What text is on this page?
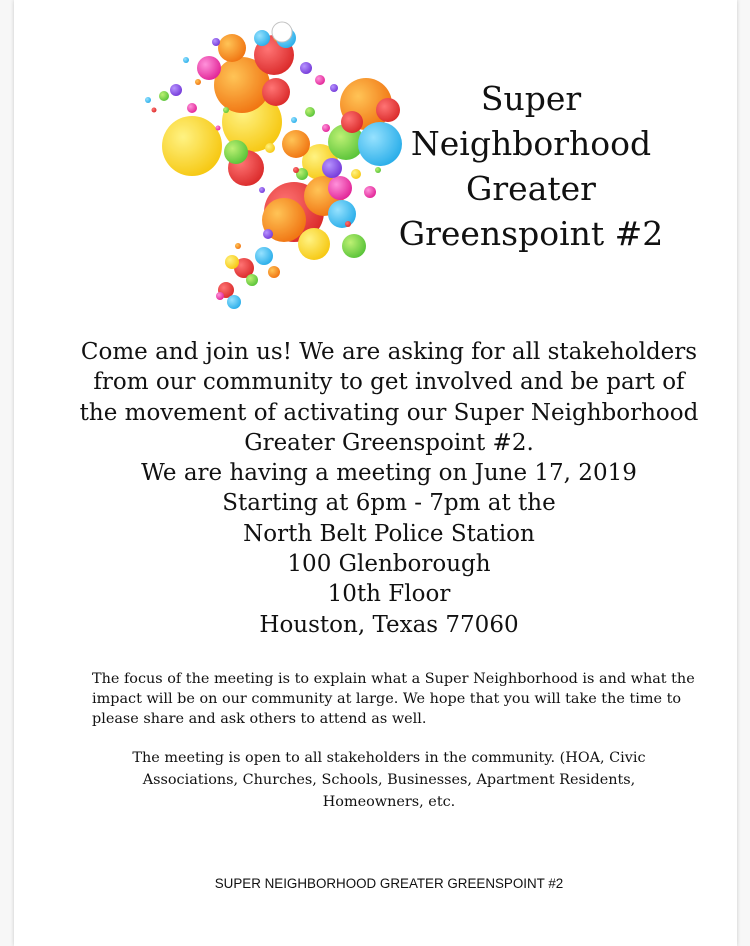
Super
Neighborhood
Greater
Greenspoint #2
Come and join us! We are asking for all stakeholders
from our community to get involved and be part of
the movement of activating our Super Neighborhood
Greater Greenspoint #2.
We are having a meeting on June 17, 2019
Starting at 6pm - 7pm at the
North Belt Police Station
100 Glenborough
10th Floor
Houston, Texas 77060
The focus of the meeting is to explain what a Super Neighborhood is and what the
impact will be on our community at large. We hope that you will take the time to
please share and ask others to attend as well.
The meeting is open to all stakeholders in the community. (HOA, Civic
Associations, Churches, Schools, Businesses, Apartment Residents,
Homeowners, etc.
SUPER NEIGHBORHOOD GREATER GREENSPOINT #2
